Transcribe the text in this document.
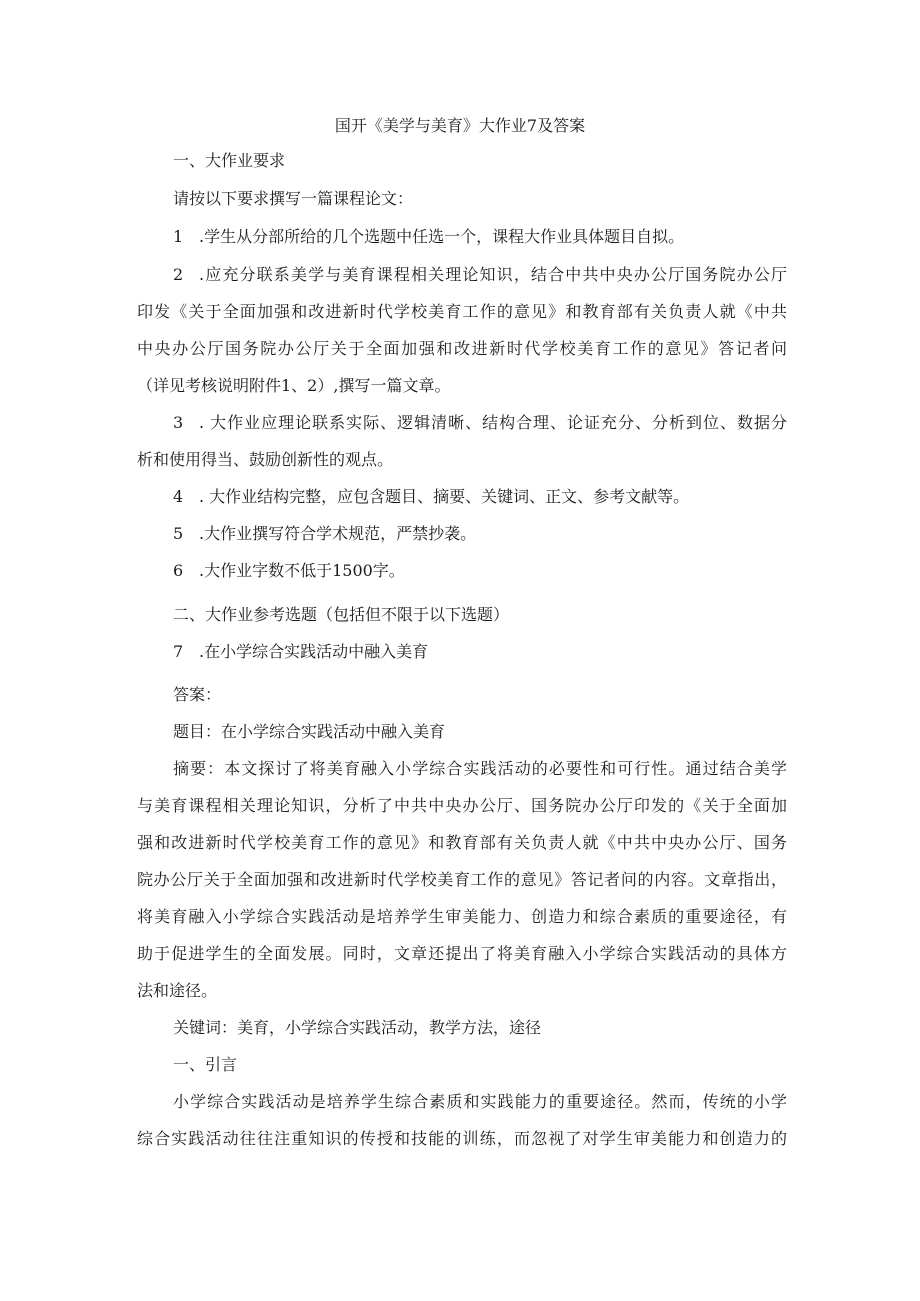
国开《美学与美育》大作业7及答案
一、大作业要求
请按以下要求撰写一篇课程论文：
1 .学生从分部所给的几个选题中任选一个，课程大作业具体题目自拟。
2 .应充分联系美学与美育课程相关理论知识，结合中共中央办公厅国务院办公厅
印发《关于全面加强和改进新时代学校美育工作的意见》和教育部有关负责人就《中共
中央办公厅国务院办公厅关于全面加强和改进新时代学校美育工作的意见》答记者问
（详见考核说明附件1、2）,撰写一篇文章。
3 . 大作业应理论联系实际、逻辑清晰、结构合理、论证充分、分析到位、数据分
析和使用得当、鼓励创新性的观点。
4 . 大作业结构完整，应包含题目、摘要、关键词、正文、参考文献等。
5 .大作业撰写符合学术规范，严禁抄袭。
6 .大作业字数不低于1500字。
二、大作业参考选题（包括但不限于以下选题）
7 .在小学综合实践活动中融入美育
答案：
题目：在小学综合实践活动中融入美育
摘要：本文探讨了将美育融入小学综合实践活动的必要性和可行性。通过结合美学
与美育课程相关理论知识，分析了中共中央办公厅、国务院办公厅印发的《关于全面加
强和改进新时代学校美育工作的意见》和教育部有关负责人就《中共中央办公厅、国务
院办公厅关于全面加强和改进新时代学校美育工作的意见》答记者问的内容。文章指出，
将美育融入小学综合实践活动是培养学生审美能力、创造力和综合素质的重要途径，有
助于促进学生的全面发展。同时，文章还提出了将美育融入小学综合实践活动的具体方
法和途径。
关键词：美育，小学综合实践活动，教学方法，途径
一、引言
小学综合实践活动是培养学生综合素质和实践能力的重要途径。然而，传统的小学
综合实践活动往往注重知识的传授和技能的训练，而忽视了对学生审美能力和创造力的
